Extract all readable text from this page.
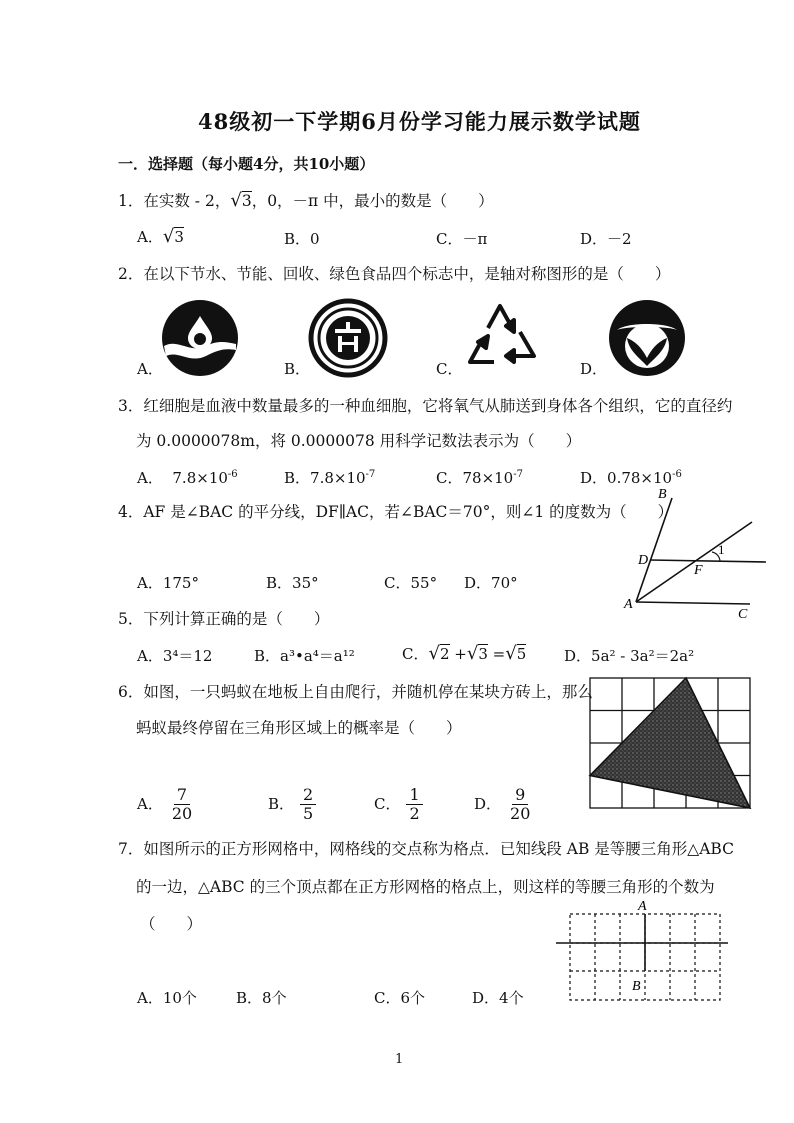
48级初一下学期6月份学习能力展示数学试题
一．选择题（每小题4分，共10小题）
1．在实数 - 2，√3，0，－π 中，最小的数是（　　）
A．√3	B．0	C．－π	D．－2
2．在以下节水、节能、回收、绿色食品四个标志中，是轴对称图形的是（　　）
A．	B．	C．	D．
3．红细胞是血液中数量最多的一种血细胞，它将氧气从肺送到身体各个组织，它的直径约
为 0.0000078m，将 0.0000078 用科学记数法表示为（　　）
A． $7.8\times 10^{-6}$	B．$7.8\times 10^{-7}$	C．$78\times 10^{-7}$	D．$0.78\times 10^{-6}$
4．AF 是∠BAC 的平分线，DF∥AC，若∠BAC＝70°，则∠1 的度数为（　　）
A．175°	B．35°	C．55° D．70°
B
D
F
1
A
C
5．下列计算正确的是（　　）
A．3⁴＝12	B．a³•a⁴＝a¹²	C．√2 +√3 =√5	D．5a² - 3a²＝2a²
6．如图，一只蚂蚁在地板上自由爬行，并随机停在某块方砖上，那么
蚂蚁最终停留在三角形区域上的概率是（　　）
A． $\frac{7}{20}$	B． $\frac{2}{5}$	C． $\frac{1}{2}$	D． $\frac{9}{20}$
7．如图所示的正方形网格中，网格线的交点称为格点．已知线段 AB 是等腰三角形△ABC
的一边，△ABC 的三个顶点都在正方形网格的格点上，则这样的等腰三角形的个数为
（　　）
A．10个	B．8个	C．6个	D．4个
A
B
1
